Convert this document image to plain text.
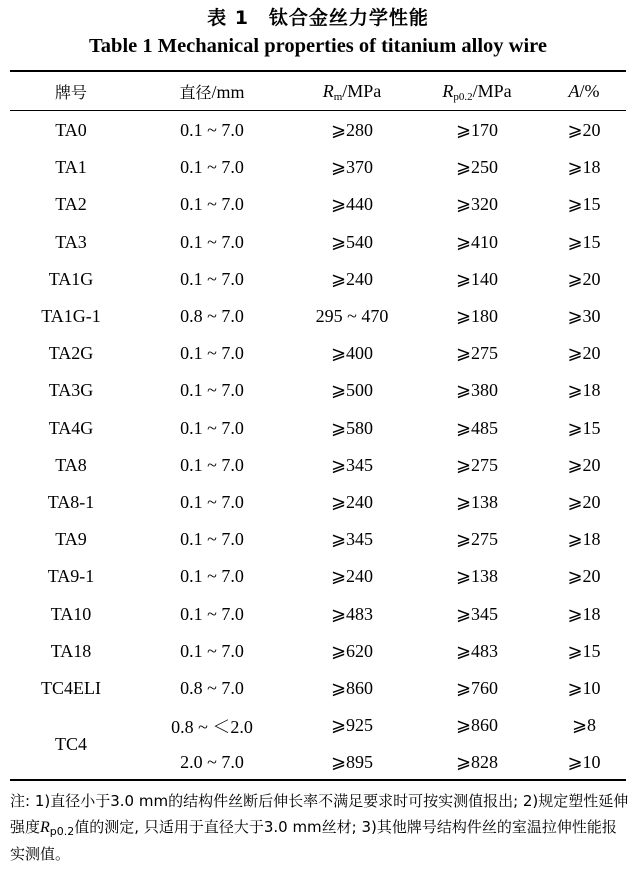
表 1　钛合金丝力学性能
Table 1 Mechanical properties of titanium alloy wire
牌号	直径/mm	$R_m$/MPa	$R_{p0.2}$/MPa	A/%
TA0	0.1 ~ 7.0	⩾280	⩾170	⩾20
TA1	0.1 ~ 7.0	⩾370	⩾250	⩾18
TA2	0.1 ~ 7.0	⩾440	⩾320	⩾15
TA3	0.1 ~ 7.0	⩾540	⩾410	⩾15
TA1G	0.1 ~ 7.0	⩾240	⩾140	⩾20
TA1G-1	0.8 ~ 7.0	295 ~ 470	⩾180	⩾30
TA2G	0.1 ~ 7.0	⩾400	⩾275	⩾20
TA3G	0.1 ~ 7.0	⩾500	⩾380	⩾18
TA4G	0.1 ~ 7.0	⩾580	⩾485	⩾15
TA8	0.1 ~ 7.0	⩾345	⩾275	⩾20
TA8-1	0.1 ~ 7.0	⩾240	⩾138	⩾20
TA9	0.1 ~ 7.0	⩾345	⩾275	⩾18
TA9-1	0.1 ~ 7.0	⩾240	⩾138	⩾20
TA10	0.1 ~ 7.0	⩾483	⩾345	⩾18
TA18	0.1 ~ 7.0	⩾620	⩾483	⩾15
TC4ELI	0.8 ~ 7.0	⩾860	⩾760	⩾10
TC4	0.8 ~ ＜2.0	⩾925	⩾860	⩾8
	2.0 ~ 7.0	⩾895	⩾828	⩾10
注: 1)直径小于3.0 mm的结构件丝断后伸长率不满足要求时可按实测值报出; 2)规定塑性延伸强度$R_{p0.2}$值的测定, 只适用于直径大于3.0 mm丝材; 3)其他牌号结构件丝的室温拉伸性能报实测值。
